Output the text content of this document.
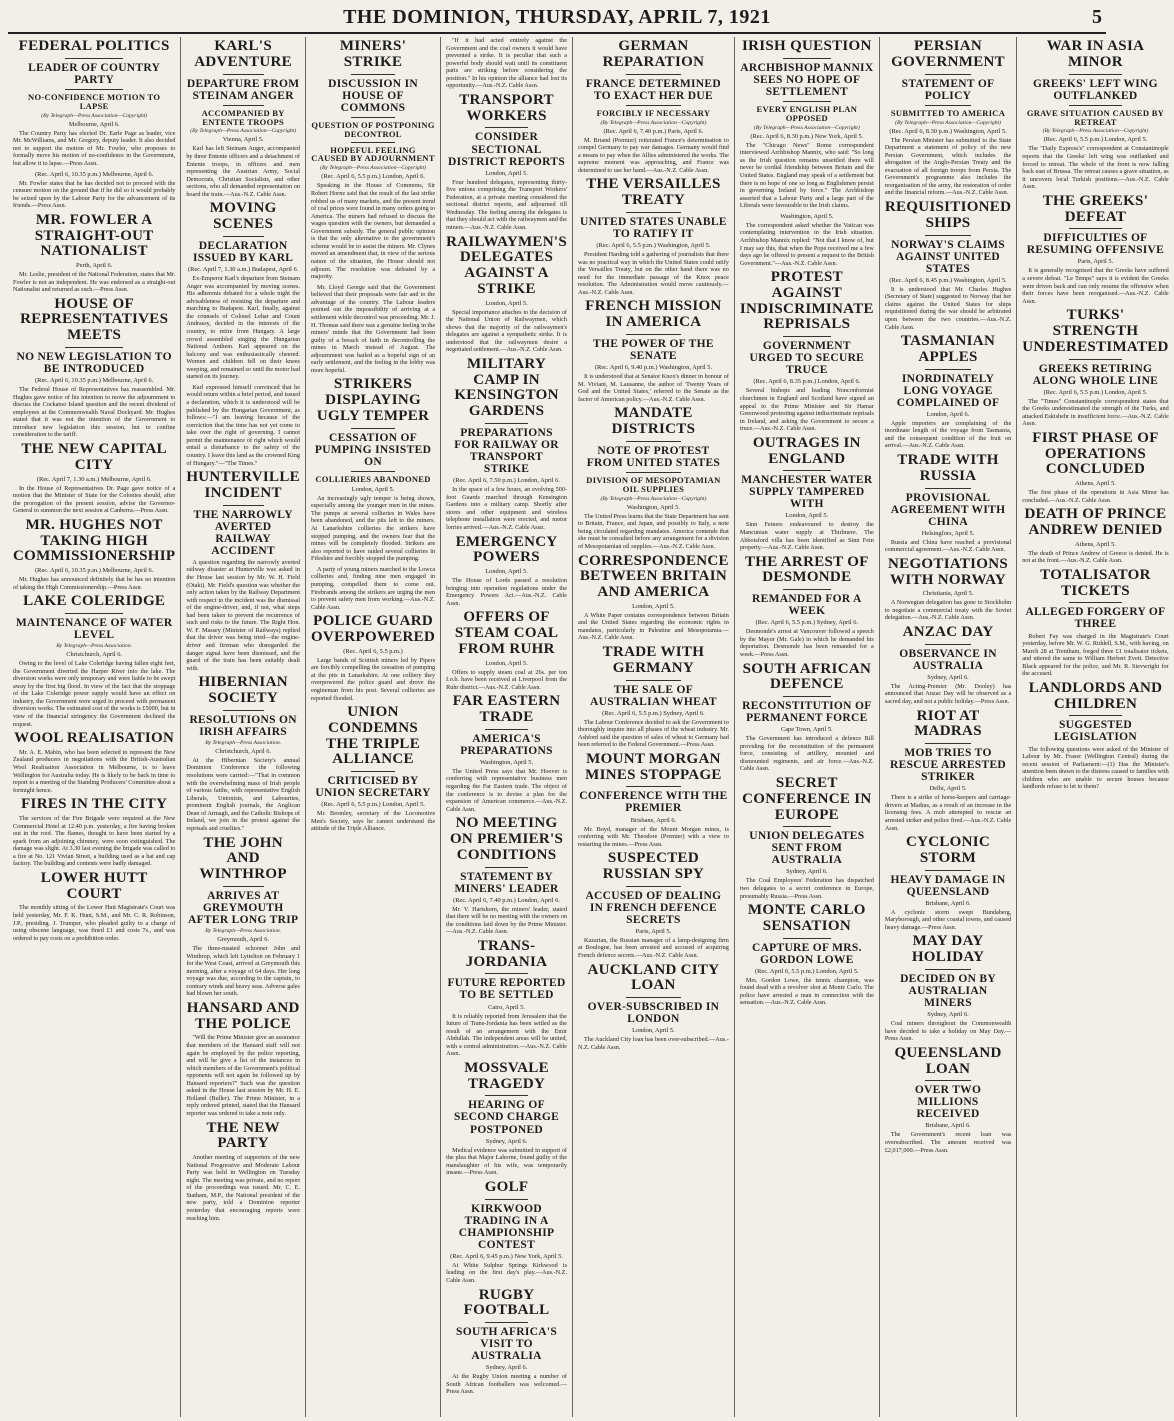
THE DOMINION, THURSDAY, APRIL 7, 1921	5
FEDERAL POLITICS
LEADER OF COUNTRY PARTY
NO-CONFIDENCE MOTION TO LAPSE
(By Telegraph—Press Association—Copyright)
Melbourne, April 6.

The Country Party has elected Dr. Earle Page as leader, vice Mr. McWilliams, and Mr. Gregory, deputy leader. It also decided not to support the motion of Mr. Fowler, who proposes to formally move his motion of no-confidence in the Government, but allow it to lapse.—Press Assn.

(Rec. April 6, 10.35 p.m.) Melbourne, April 6.

Mr. Fowler states that he has decided not to proceed with the censure motion on the ground that if he did so it would probably be seized upon by the Labour Party for the advancement of its friends.—Press Assn.

MR. FOWLER A STRAIGHT-OUT NATIONALIST
Perth, April 6.

Mr. Leslie, president of the National Federation, states that Mr. Fowler is not an independent. He was endorsed as a straight-out Nationalist and returned as such.—Press Assn.

HOUSE OF REPRESENTATIVES MEETS
NO NEW LEGISLATION TO BE INTRODUCED
(Rec. April 6, 10.35 p.m.) Melbourne, April 6.

The Federal House of Representatives has reassembled. Mr. Hughes gave notice of his intention to move the adjournment to discuss the Cockatoo Island question and the recent dividend of employees at the Commonwealth Naval Dockyard. Mr. Hughes stated that it was not the intention of the Government to introduce new legislation this session, but to confine consideration to the tariff.

THE NEW CAPITAL CITY
(Rec. April 7, 1.30 a.m.) Melbourne, April 6.

In the House of Representatives Dr. Page gave notice of a motion that the Minister of State for the Colonies should, after the prorogation of the present session, advise the Governor-General to summon the next session at Canberra.—Press Assn.

MR. HUGHES NOT TAKING HIGH COMMISSIONERSHIP
(Rec. April 6, 10.35 p.m.) Melbourne, April 6.

Mr. Hughes has announced definitely that he has no intention of taking the High Commissionership.—Press Assn.

LAKE COLERIDGE
MAINTENANCE OF WATER LEVEL
By Telegraph—Press Association.
Christchurch, April 6.

Owing to the level of Lake Coleridge having fallen eight feet, the Government diverted the Harper River into the lake. The diversion works were only temporary and were liable to be swept away by the first big flood. In view of the fact that the stoppage of the Lake Coleridge power supply would have an effect on industry, the Government were urged to proceed with permanent diversion works. The estimated cost of the works is £5000, but in view of the financial stringency the Government declined the request.

WOOL REALISATION

Mr. A. E. Mabin, who has been selected to represent the New Zealand producers in negotiations with the British-Australian Wool Realisation Association in Melbourne, is to leave Wellington for Australia today. He is likely to be back in time to report to a meeting of the Standing Producers' Committee about a fortnight hence.

FIRES IN THE CITY

The services of the Fire Brigade were required at the New Commercial Hotel at 12.40 p.m. yesterday, a fire having broken out in the roof. The flames, thought to have been started by a spark from an adjoining chimney, were soon extinguished. The damage was slight. At 3.30 last evening the brigade was called to a fire at No. 121 Vivian Street, a building used as a hat and cap factory. The building and contents were badly damaged.

LOWER HUTT COURT

The monthly sitting of the Lower Hutt Magistrate's Court was held yesterday, Mr. F. K. Hunt, S.M., and Mr. C. R. Robinson, J.P., presiding. J. Trumper, who pleaded guilty to a charge of using obscene language, was fined £1 and costs 7s., and was ordered to pay costs on a prohibition order.

KARL'S ADVENTURE
DEPARTURE FROM STEINAM ANGER
ACCOMPANIED BY ENTENTE TROOPS
(By Telegraph—Press Association—Copyright)
Vienna, April 5.

Karl has left Steinam Anger, accompanied by three Entente officers and a detachment of Entente troops, in officers and men representing the Austrian Army, Social Democrats, Christian Socialists, and other sections, who all demanded representation on board the train.—Aus.-N.Z. Cable Assn.

MOVING SCENES
DECLARATION ISSUED BY KARL
(Rec. April 7, 1.30 a.m.) Budapest, April 6.

Ex-Emperor Karl's departure from Steinam Anger was accompanied by moving scenes. His adherents debated for a whole night the advisableness of resisting the departure and marching to Budapest. Karl, finally, against the counsels of Colonel Lehar and Count Andrassy, decided in the interests of the country, to retire from Hungary. A large crowd assembled singing the Hungarian National Anthem. Karl appeared on the balcony and was enthusiastically cheered. Women and children fell on their knees weeping, and remained so until the motor had started on its journey.

Karl expressed himself convinced that he would return within a brief period, and issued a declaration, which it is understood will be published by the Hungarian Government, as follows:—"I am leaving because of the conviction that the time has not yet come to take over the right of governing. I cannot permit the maintenance of right which would entail a disturbance to the safety of the country. I leave this land as the crowned King of Hungary."—"The Times."

HUNTERVILLE INCIDENT
THE NARROWLY AVERTED RAILWAY ACCIDENT

A question regarding the narrowly averted railway disaster at Hunterville was asked in the House last session by Mr. W. H. Field (Otaki). Mr. Field's question was whether the only action taken by the Railway Department with respect to the incident was the dismissal of the engine-driver, and, if not, what steps had been taken to prevent the recurrence of such and risks to the future. The Right Hon. W. F. Massey (Minister of Railways) replied that the driver was being tried—the engine-driver and fireman who disregarded the danger signal have been dismissed, and the guard of the train has been suitably dealt with.

HIBERNIAN SOCIETY
RESOLUTIONS ON IRISH AFFAIRS
By Telegraph—Press Association.
Christchurch, April 6.

At the Hibernian Society's annual Dominion Conference the following resolutions were carried:—"That in common with the overwhelming mass of Irish people of various faiths, with representative English Liberals, Unionists, and Labourites, prominent English journals, the Anglican Dean of Armagh, and the Catholic Bishops of Ireland, we join in the protest against the reprisals and cruelties."

THE JOHN AND WINTHROP
ARRIVES AT GREYMOUTH AFTER LONG TRIP
By Telegraph—Press Association.
Greymouth, April 6.

The three-masted schooner John and Winthrop, which left Lyttelton on February 1 for the West Coast, arrived at Greymouth this morning, after a voyage of 64 days. Her long voyage was due, according to the captain, to contrary winds and heavy seas. Adverse gales had blown her south.

HANSARD AND THE POLICE

"Will the Prime Minister give an assurance that members of the Hansard staff will not again be employed by the police reporting, and will he give a list of the instances in which members of the Government's political opponents will not again be followed up by Hansard reporters?" Such was the question asked in the House last session by Mr. H. E. Holland (Buller). The Prime Minister, in a reply ordered printed, stated that the Hansard reporter was ordered to take a note only.

THE NEW PARTY

Another meeting of supporters of the new National Progressive and Moderate Labour Party was held in Wellington on Tuesday night. The meeting was private, and no report of the proceedings was issued. Mr. C. E. Statham, M.P., the National president of the new party, told a Dominion reporter yesterday that encouraging reports were reaching him.

MINERS' STRIKE
DISCUSSION IN HOUSE OF COMMONS
QUESTION OF POSTPONING DECONTROL
HOPEFUL FEELING CAUSED BY ADJOURNMENT
(By Telegraph—Press Association—Copyright)
(Rec. April 6, 5.5 p.m.) London, April 6.

Speaking in the House of Commons, Sir Robert Horne said that the result of the last strike robbed us of many markets, and the present trend of coal prices were found in many orders going to America. The miners had refused to discuss the wages question with the owners, but demanded a Government subsidy. The general public opinion is that the only alternative to the government's scheme would be to assist the miners. Mr. Clynes moved an amendment that, in view of the serious nature of the situation, the House should not adjourn. The resolution was defeated by a majority.

Mr. Lloyd George said that the Government believed that their proposals were fair and to the advantage of the country. The Labour leaders pointed out the impossibility of arriving at a settlement while decontrol was proceeding. Mr. J. H. Thomas said there was a genuine feeling in the miners' minds that the Government had been guilty of a breach of faith in decontrolling the mines in March instead of August. The adjournment was hailed as a hopeful sign of an early settlement, and the feeling in the lobby was more hopeful.

STRIKERS DISPLAYING UGLY TEMPER
CESSATION OF PUMPING INSISTED ON
COLLIERIES ABANDONED
London, April 5.

An increasingly ugly temper is being shown, especially among the younger men in the mines. The pumps at several collieries in Wales have been abandoned, and the pits left to the miners. At Lanarkshire collieries the strikers have stopped pumping, and the owners fear that the mines will be completely flooded. Strikers are also reported to have raided several collieries in Fifeshire and forcibly stopped the pumping.

A party of young miners marched to the Lowca collieries and, finding nine men engaged in pumping, compelled them to come out. Firebrands among the strikers are urging the men to prevent safety men from working.—Aus.-N.Z. Cable Assn.

POLICE GUARD OVERPOWERED
(Rec. April 6, 5.5 p.m.)

Large bands of Scottish miners led by Pipers are forcibly compelling the cessation of pumping at the pits in Lanarkshire. At one colliery they overpowered the police guard and drove the engineman from his post. Several collieries are reported flooded.

UNION CONDEMNS THE TRIPLE ALLIANCE
CRITICISED BY UNION SECRETARY
(Rec. April 6, 5.5 p.m.) London, April 5.

Mr. Bromley, secretary of the Locomotive Men's Society, says he cannot understand the attitude of the Triple Alliance.

"If it had acted entirely against the Government and the coal owners it would have prevented a strike. It is peculiar that such a powerful body should wait until its constituent parts are striking before considering the position." In his opinion the alliance had lost its opportunity.—Aus.-N.Z. Cable Assn.

TRANSPORT WORKERS
CONSIDER SECTIONAL DISTRICT REPORTS
London, April 5.

Four hundred delegates, representing thirty-five unions comprising the Transport Workers' Federation, at a private meeting considered the sectional district reports, and adjourned till Wednesday. The feeling among the delegates is that they should act with the railwaymen and the miners.—Aus.-N.Z. Cable Assn.

RAILWAYMEN'S DELEGATES AGAINST A STRIKE
London, April 5.

Special importance attaches to the decision of the National Union of Railwaymen, which shows that the majority of the railwaymen's delegates are against a sympathetic strike. It is understood that the railwaymen desire a negotiated settlement.—Aus.-N.Z. Cable Assn.

MILITARY CAMP IN KENSINGTON GARDENS
PREPARATIONS FOR RAILWAY OR TRANSPORT STRIKE
(Rec. April 6, 7.50 p.m.) London, April 6.

In the space of a few hours, an evolving 500-foot Guards marched through Kensington Gardens into a military camp. Shortly after stores and other equipment and wireless telephone installation were erected, and motor lorries arrived.—Aus.-N.Z. Cable Assn.

EMERGENCY POWERS
London, April 5.

The House of Lords passed a resolution bringing into operation regulations under the Emergency Powers Act.—Aus.-N.Z. Cable Assn.

OFFERS OF STEAM COAL FROM RUHR
London, April 5.

Offers to supply steam coal at 26s. per ton f.o.b. have been received at Liverpool from the Ruhr district.—Aus.-N.Z. Cable Assn.

FAR EASTERN TRADE
AMERICA'S PREPARATIONS
Washington, April 5.

The United Press says that Mr. Hoover is conferring with representative business men regarding the Far Eastern trade. The object of the conference is to devise a plan for the expansion of American commerce.—Aus.-N.Z. Cable Assn.

NO MEETING ON PREMIER'S CONDITIONS
STATEMENT BY MINERS' LEADER
(Rec. April 6, 7.40 p.m.) London, April 6.

Mr. V. Hartshorn, the miners' leader, stated that there will be no meeting with the owners on the conditions laid down by the Prime Minister.—Aus.-N.Z. Cable Assn.

TRANS-JORDANIA
FUTURE REPORTED TO BE SETTLED
Cairo, April 5.

It is reliably reported from Jerusalem that the future of Trans-Jordania has been settled as the result of an arrangement with the Emir Abdullah. The independent areas will be united, with a central administration.—Aus.-N.Z. Cable Assn.

MOSSVALE TRAGEDY
HEARING OF SECOND CHARGE POSTPONED
Sydney, April 6.

Medical evidence was submitted in support of the plea that Major Lahorne, found guilty of the manslaughter of his wife, was temporarily insane.—Press Assn.

GOLF
KIRKWOOD TRADING IN A CHAMPIONSHIP CONTEST
(Rec. April 6, 9.45 p.m.) New York, April 5.

At White Sulphur Springs Kirkwood is leading on the first day's play.—Aus.-N.Z. Cable Assn.

RUGBY FOOTBALL
SOUTH AFRICA'S VISIT TO AUSTRALIA
Sydney, April 6.

At the Rugby Union meeting a number of South African footballers was welcomed.—Press Assn.

GERMAN REPARATION
FRANCE DETERMINED TO EXACT HER DUE
FORCIBLY IF NECESSARY
(By Telegraph—Press Association—Copyright)
(Rec. April 6, 7.40 p.m.) Paris, April 6.

M. Briand (Premier) reiterated France's determination to compel Germany to pay war damages. Germany would find a means to pay when the Allies administered the works. The supreme moment was approaching, and France was determined to use her hand.—Aus.-N.Z. Cable Assn.

THE VERSAILLES TREATY
UNITED STATES UNABLE TO RATIFY IT
(Rec. April 6, 5.5 p.m.) Washington, April 5.

President Harding told a gathering of journalists that there was no practical way in which the United States could ratify the Versailles Treaty, but on the other hand there was no need for the immediate passage of the Knox peace resolution. The Administration would move cautiously.—Aus.-N.Z. Cable Assn.

FRENCH MISSION IN AMERICA
THE POWER OF THE SENATE
(Rec. April 6, 9.40 p.m.) Washington, April 5.

It is understood that at Senator Knox's dinner in honour of M. Viviani, M. Lausanne, the author of 'Twenty Years of God and the United States,' referred to the Senate as the factor of American policy.—Aus.-N.Z. Cable Assn.

MANDATE DISTRICTS
NOTE OF PROTEST FROM UNITED STATES
DIVISION OF MESOPOTAMIAN OIL SUPPLIES
(By Telegraph—Press Association—Copyright)
Washington, April 5.

The United Press learns that the State Department has sent to Britain, France, and Japan, and possibly to Italy, a note being circulated regarding mandates. America contends that she must be consulted before any arrangement for a division of Mesopotamian oil supplies.—Aus.-N.Z. Cable Assn.

CORRESPONDENCE BETWEEN BRITAIN AND AMERICA
London, April 5.

A White Paper contains correspondence between Britain and the United States regarding the economic rights in mandates, particularly in Palestine and Mesopotamia.—Aus.-N.Z. Cable Assn.

TRADE WITH GERMANY
THE SALE OF AUSTRALIAN WHEAT
(Rec. April 6, 5.5 p.m.) Sydney, April 6.

The Labour Conference decided to ask the Government to thoroughly inquire into all phases of the wheat industry. Mr. Ashford said the question of sales of wheat to Germany had been referred to the Federal Government.—Press Assn.

MOUNT MORGAN MINES STOPPAGE
CONFERENCE WITH THE PREMIER
Brisbane, April 6.

Mr. Boyd, manager of the Mount Morgan mines, is conferring with Mr. Theodore (Premier) with a view to restarting the mines.—Press Assn.

SUSPECTED RUSSIAN SPY
ACCUSED OF DEALING IN FRENCH DEFENCE SECRETS
Paris, April 5.

Kazarian, the Russian manager of a lamp-designing firm at Boulogne, has been arrested and accused of acquiring French defence secrets.—Aus.-N.Z. Cable Assn.

AUCKLAND CITY LOAN
OVER-SUBSCRIBED IN LONDON
London, April 5.

The Auckland City loan has been over-subscribed.—Aus.-N.Z. Cable Assn.

IRISH QUESTION
ARCHBISHOP MANNIX SEES NO HOPE OF SETTLEMENT
EVERY ENGLISH PLAN OPPOSED
(By Telegraph—Press Association—Copyright)
(Rec. April 6, 8.30 p.m.) New York, April 5.

The "Chicago News" Rome correspondent interviewed Archbishop Mannix, who said: "So long as the Irish question remains unsettled there will never be cordial friendship between Britain and the United States. England may speak of a settlement but there is no hope of one so long as Englishmen persist in governing Ireland by force." The Archbishop asserted that a Labour Party and a large part of the Liberals were favourable to the Irish claims.

Washington, April 5.

The correspondent asked whether the Vatican was contemplating intervention in the Irish situation. Archbishop Mannix replied: "Not that I know of, but I may say this, that when the Pope received me a few days ago he offered to present a request to the British Government."—Aus.-N.Z. Cable Assn.

PROTEST AGAINST INDISCRIMINATE REPRISALS
GOVERNMENT URGED TO SECURE TRUCE
(Rec. April 6, 8.35 p.m.) London, April 6.

Several bishops and leading Nonconformist churchmen in England and Scotland have signed an appeal to the Prime Minister and Sir Hamar Greenwood protesting against indiscriminate reprisals in Ireland, and asking the Government to secure a truce.—Aus.-N.Z. Cable Assn.

OUTRAGES IN ENGLAND
MANCHESTER WATER SUPPLY TAMPERED WITH
London, April 5.

Sinn Feiners endeavoured to destroy the Mancunian water supply at Thirlmere. The Abbotsford villa has been identified as Sinn Fein property.—Aus.-N.Z. Cable Assn.

THE ARREST OF DESMONDE
REMANDED FOR A WEEK
(Rec. April 6, 5.5 p.m.) Sydney, April 6.

Desmonde's arrest at Vancouver followed a speech by the Mayor (Mr. Gale) in which he demanded his deportation. Desmonde has been remanded for a week.—Press Assn.

SOUTH AFRICAN DEFENCE
RECONSTITUTION OF PERMANENT FORCE
Cape Town, April 5.

The Government has introduced a defence Bill providing for the reconstitution of the permanent force, consisting of artillery, mounted and dismounted regiments, and air force.—Aus.-N.Z. Cable Assn.

SECRET CONFERENCE IN EUROPE
UNION DELEGATES SENT FROM AUSTRALIA
Sydney, April 6.

The Coal Employees' Federation has dispatched two delegates to a secret conference in Europe, presumably Russia.—Press Assn.

MONTE CARLO SENSATION
CAPTURE OF MRS. GORDON LOWE
(Rec. April 6, 5.5 p.m.) London, April 5.

Mrs. Gordon Lowe, the tennis champion, was found dead with a revolver shot at Monte Carlo. The police have arrested a man in connection with the sensation.—Aus.-N.Z. Cable Assn.

PERSIAN GOVERNMENT
STATEMENT OF POLICY
SUBMITTED TO AMERICA
(By Telegraph—Press Association—Copyright)
(Rec. April 6, 8.30 p.m.) Washington, April 5.

The Persian Minister has submitted to the State Department a statement of policy of the new Persian Government, which includes the abrogation of the Anglo-Persian Treaty and the evacuation of all foreign troops from Persia. The Government's programme also includes the reorganisation of the army, the restoration of order and the financial reform.—Aus.-N.Z. Cable Assn.

REQUISITIONED SHIPS
NORWAY'S CLAIMS AGAINST UNITED STATES
(Rec. April 6, 8.45 p.m.) Washington, April 5.

It is understood that Mr. Charles Hughes (Secretary of State) suggested to Norway that her claims against the United States for ships requisitioned during the war should be arbitrated upon between the two countries.—Aus.-N.Z. Cable Assn.

TASMANIAN APPLES
INORDINATELY LONG VOYAGE COMPLAINED OF
London, April 6.

Apple importers are complaining of the inordinate length of the voyage from Tasmania, and the consequent condition of the fruit on arrival.—Aus.-N.Z. Cable Assn.

TRADE WITH RUSSIA
PROVISIONAL AGREEMENT WITH CHINA
Helsingfors, April 5.

Russia and China have reached a provisional commercial agreement.—Aus.-N.Z. Cable Assn.

NEGOTIATIONS WITH NORWAY
Christiania, April 5.

A Norwegian delegation has gone to Stockholm to negotiate a commercial treaty with the Soviet delegation.—Aus.-N.Z. Cable Assn.

ANZAC DAY
OBSERVANCE IN AUSTRALIA
Sydney, April 6.

The Acting-Premier (Mr. Dooley) has announced that Anzac Day will be observed as a sacred day, and not a public holiday.—Press Assn.

RIOT AT MADRAS
MOB TRIES TO RESCUE ARRESTED STRIKER
Delhi, April 5.

There is a strike of horse-keepers and carriage-drivers at Madras, as a result of an increase in the licensing fees. A mob attempted to rescue an arrested striker and police fired.—Aus.-N.Z. Cable Assn.

CYCLONIC STORM
HEAVY DAMAGE IN QUEENSLAND
Brisbane, April 6.

A cyclonic storm swept Bundaberg, Maryborough, and other coastal towns, and caused heavy damage.—Press Assn.

MAY DAY HOLIDAY
DECIDED ON BY AUSTRALIAN MINERS
Sydney, April 6.

Coal miners throughout the Commonwealth have decided to take a holiday on May Day.—Press Assn.

QUEENSLAND LOAN
OVER TWO MILLIONS RECEIVED
Brisbane, April 6.

The Government's recent loan was oversubscribed. The amount received was £2,017,000.—Press Assn.

WAR IN ASIA MINOR
GREEKS' LEFT WING OUTFLANKED
GRAVE SITUATION CAUSED BY RETREAT
(By Telegraph—Press Association—Copyright)
(Rec. April 6, 5.5 p.m.) London, April 5.

The "Daily Express's" correspondent at Constantinople reports that the Greeks' left wing was outflanked and forced to retreat. The whole of the front is now falling back east of Brussa. The retreat causes a grave situation, as it uncovers local Turkish positions.—Aus.-N.Z. Cable Assn.

THE GREEKS' DEFEAT
DIFFICULTIES OF RESUMING OFFENSIVE
Paris, April 5.

It is generally recognised that the Greeks have suffered a severe defeat. "Le Temps" says it is evident the Greeks were driven back and can only resume the offensive when their forces have been reorganised.—Aus.-N.Z. Cable Assn.

TURKS' STRENGTH UNDERESTIMATED
GREEKS RETIRING ALONG WHOLE LINE
(Rec. April 6, 5.5 p.m.) London, April 5.

The "Times" Constantinople correspondent states that the Greeks underestimated the strength of the Turks, and attacked Eskishehr in insufficient force.—Aus.-N.Z. Cable Assn.

FIRST PHASE OF OPERATIONS CONCLUDED
Athens, April 5.

The first phase of the operations in Asia Minor has concluded.—Aus.-N.Z. Cable Assn.

DEATH OF PRINCE ANDREW DENIED
Athens, April 5.

The death of Prince Andrew of Greece is denied. He is not at the front.—Aus.-N.Z. Cable Assn.

TOTALISATOR TICKETS
ALLEGED FORGERY OF THREE

Robert Fay was charged in the Magistrate's Court yesterday, before Mr. W. G. Riddell, S.M., with having, on March 28 at Trentham, forged three £1 totalisator tickets, and uttered the same to William Herbert Evett. Detective Black appeared for the police, and Mr. R. Sievwright for the accused.

LANDLORDS AND CHILDREN
SUGGESTED LEGISLATION

The following questions were asked of the Minister of Labour by Mr. Fraser (Wellington Central) during the recent session of Parliament:—(1) Has the Minister's attention been drawn to the distress caused to families with children who are unable to secure houses because landlords refuse to let to them?
